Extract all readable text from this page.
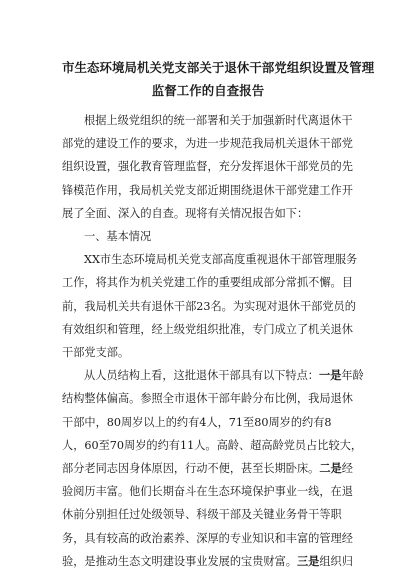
市生态环境局机关党支部关于退休干部党组织设置及管理
监督工作的自查报告
根据上级党组织的统一部署和关于加强新时代离退休干
部党的建设工作的要求，为进一步规范我局机关退休干部党
组织设置，强化教育管理监督，充分发挥退休干部党员的先
锋模范作用，我局机关党支部近期围绕退休干部党建工作开
展了全面、深入的自查。现将有关情况报告如下：
一、基本情况
XX市生态环境局机关党支部高度重视退休干部管理服务
工作，将其作为机关党建工作的重要组成部分常抓不懈。目
前，我局机关共有退休干部23名。为实现对退休干部党员的
有效组织和管理，经上级党组织批准，专门成立了机关退休
干部党支部。
从人员结构上看，这批退休干部具有以下特点：一是年龄
结构整体偏高。参照全市退休干部年龄分布比例，我局退休
干部中，80周岁以上的约有4人，71至80周岁的约有8
人，60至70周岁的约有11人。高龄、超高龄党员占比较大，
部分老同志因身体原因，行动不便，甚至长期卧床。二是经
验阅历丰富。他们长期奋斗在生态环境保护事业一线，在退
休前分别担任过处级领导、科级干部及关键业务骨干等职
务，具有较高的政治素养、深厚的专业知识和丰富的管理经
验，是推动生态文明建设事业发展的宝贵财富。三是组织归
